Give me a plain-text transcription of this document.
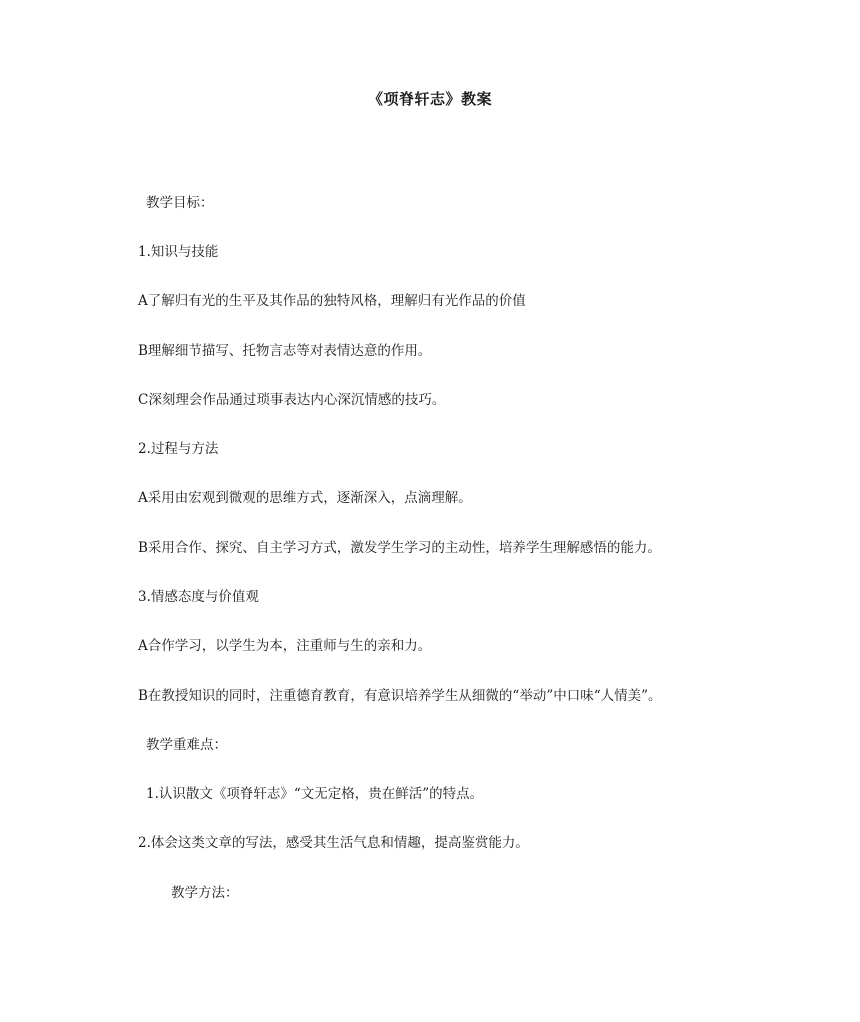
《项脊轩志》教案
教学目标：
1.知识与技能
A了解归有光的生平及其作品的独特风格，理解归有光作品的价值
B理解细节描写、托物言志等对表情达意的作用。
C深刻理会作品通过琐事表达内心深沉情感的技巧。
2.过程与方法
A采用由宏观到微观的思维方式，逐渐深入，点滴理解。
B采用合作、探究、自主学习方式，激发学生学习的主动性，培养学生理解感悟的能力。
3.情感态度与价值观
A合作学习，以学生为本，注重师与生的亲和力。
B在教授知识的同时，注重德育教育，有意识培养学生从细微的“举动”中口味“人情美”。
教学重难点：
1.认识散文《项脊轩志》“文无定格，贵在鲜活”的特点。
2.体会这类文章的写法，感受其生活气息和情趣，提高鉴赏能力。
教学方法：
